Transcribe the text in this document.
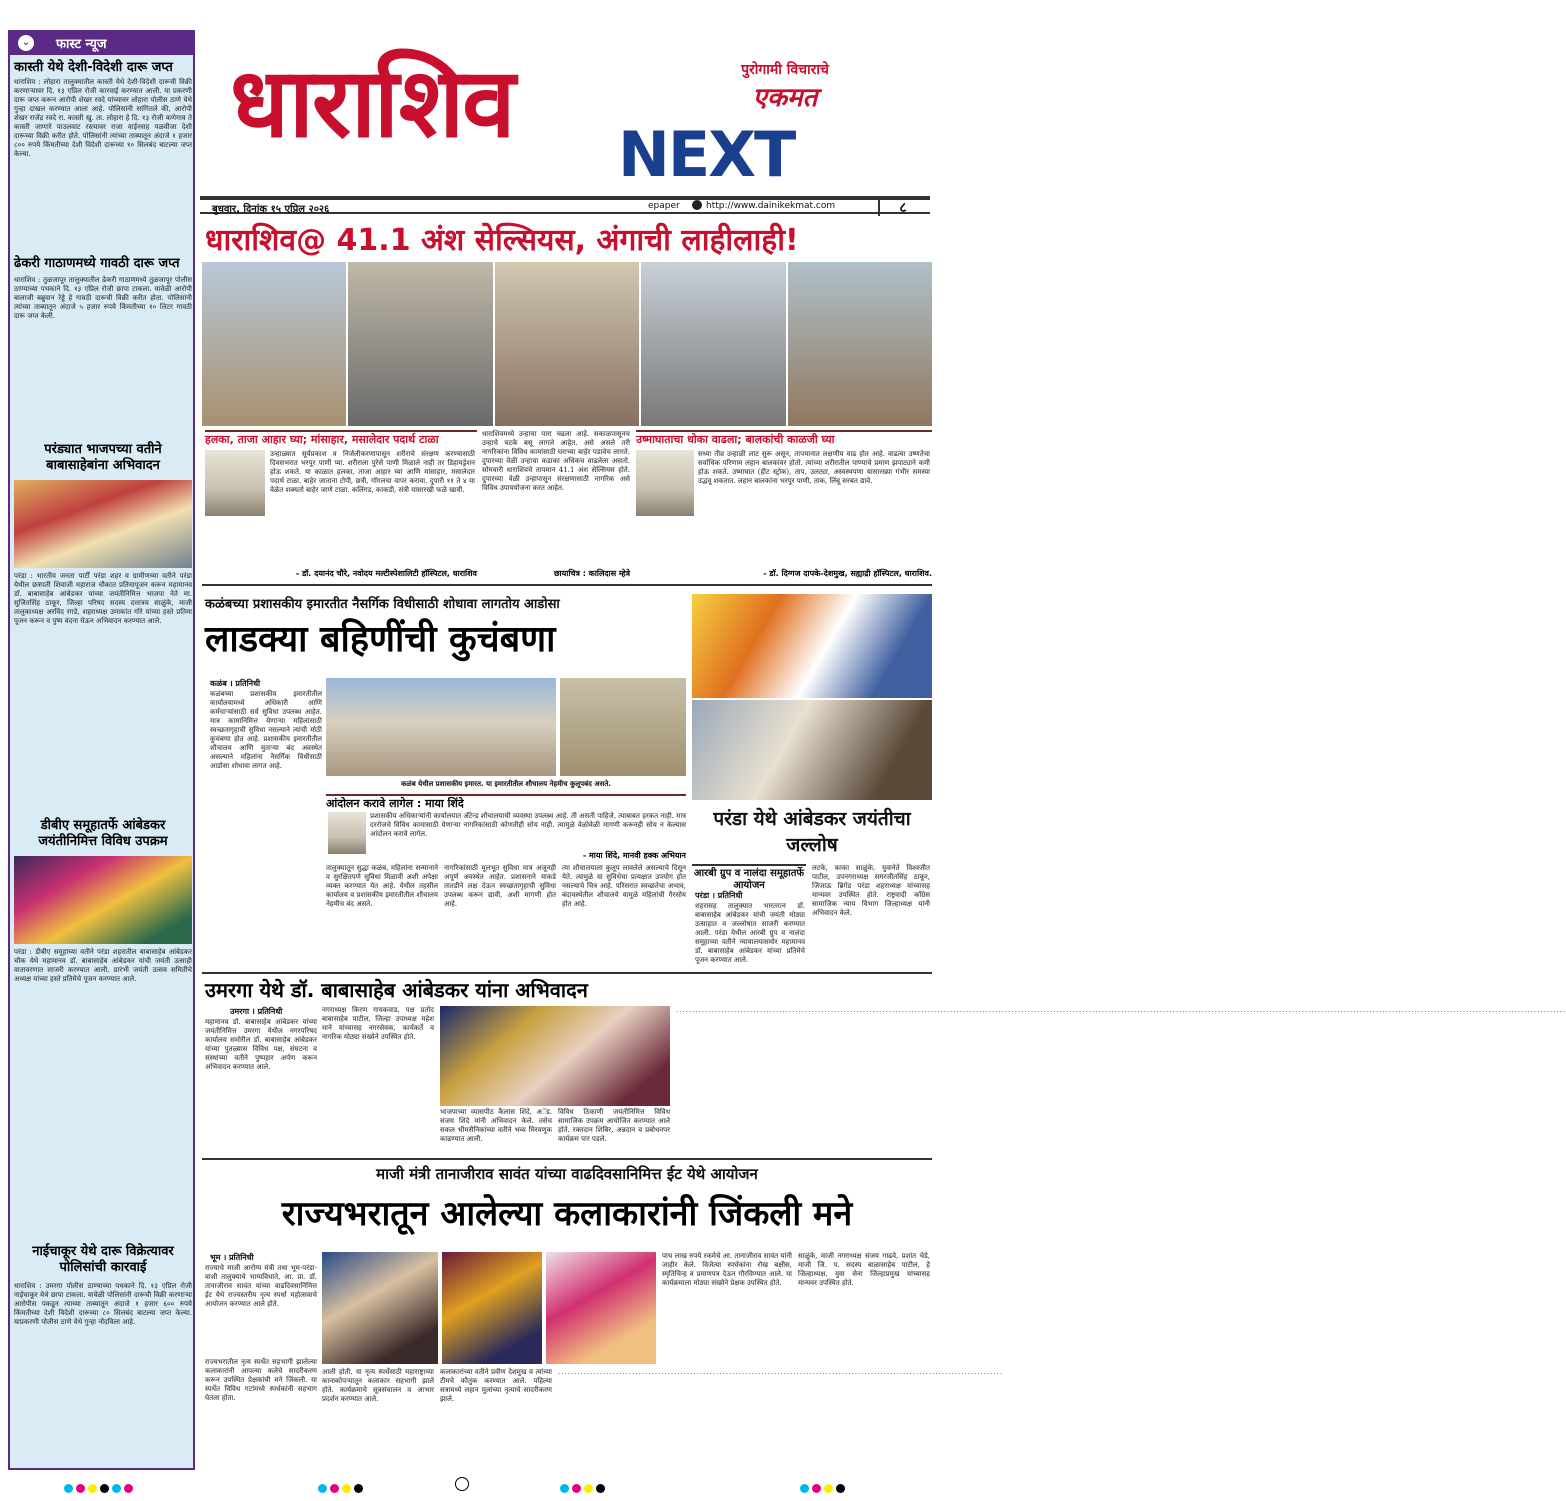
⌄ फास्ट न्यूज
कास्ती येथे देशी-विदेशी दारू जप्त
धाराशिव : लोहारा तालुक्यातील कास्ती येथे देशी-विदेशी दारूची विक्री करणाऱ्यावर दि. १३ एप्रिल रोजी कारवाई करण्यात आली. या प्रकरणी दारू जप्त करून आरोपी शेखर रवदे यांच्यावर लोहारा पोलीस ठाणे येथे गुन्हा दाखल करण्यात आला आहे. पोलिसांनी सांगितले की, आरोपी शेखर राजेंद्र रवदे रा. कास्ती खु. ता. लोहारा हे दि. १३ रोजी कणेगाव ते कास्ती जाणारे पाउलवाट रस्त्यावर राजा वाईनसह पळवीजा देशी दारूच्या विक्री करीत होते. पोलिसांनी त्यांच्या ताब्यातून अंदाजे १ हजार ८०० रुपये किंमतीच्या देशी विदेशी दारूच्या १० सिलबंद बाटल्या जप्त केल्या.
ढेकरी गाठाणमध्ये गावठी दारू जप्त
धाराशिव : तुळजापूर तालुक्यातील ढेकरी गाठाणमध्ये तुळजापूर पोलीस ठाण्याच्या पथकाने दि. १३ एप्रिल रोजी छापा टाकला. यावेळी आरोपी बालाजी बब्रुवान रेड्डे हे गावठी दारूची विक्री करीत होता. पोलिसांनी त्यांच्या ताब्यातून अंदाजे ५ हजार रुपये किंमतीच्या १० लिटर गावठी दारू जप्त केली.
परंड्यात भाजपच्या वतीने बाबासाहेबांना अभिवादन
परंडा : भारतीय जनता पार्टी परंडा शहर व ग्रामीणच्या वतीने परंडा येथील छत्रपती शिवाजी महाराज चौकात प्रतिमापूजन करून महामानव डॉ. बाबासाहेब आंबेडकर यांच्या जयंतीनिमित्त भाजपा नेते मा. सुजितसिंह ठाकूर, जिल्हा परिषद सदस्य दत्तात्रय साळुंके, माजी तालुकाध्यक्ष अरविंद रगडे, शहराध्यक्ष उमाकांत गोरे यांच्या हस्ते प्रतिमा पूजन करून व पुष्प वंदना घेऊन अभिवादन करण्यात आले.
डीबीए समूहातर्फे आंबेडकर जयंतीनिमित्त विविध उपक्रम
परंडा : डीबीए समूहाच्या वतीने परंडा शहरातील बाबासाहेब आंबेडकर चौक येथे महामानव डॉ. बाबासाहेब आंबेडकर यांची जयंती उत्साही वातावरणात साजरी करण्यात आली. प्रारंभी जयंती उत्सव समितीचे अध्यक्ष यांच्या हस्ते प्रतिमेचे पूजन करण्यात आले.
नाईचाकूर येथे दारू विक्रेत्यावर पोलिसांची कारवाई
धाराशिव : उमरगा पोलीस ठाण्याच्या पथकाने दि. १३ एप्रिल रोजी नाईचाकूर येथे छापा टाकला. यावेळी पोलिसांनी दारूची विक्री करणाऱ्या आरोपीस पकडून त्याच्या ताब्यातून अंदाजे १ हजार ६०० रुपये किंमतीच्या देशी विदेशी दारूच्या ८० सिलबंद बाटल्या जप्त केल्या. याप्रकरणी पोलीस ठाणे येथे गुन्हा नोंदविला आहे.
धाराशिव	पुरोगामी विचाराचे
एकमत
NEXT
बुधवार, दिनांक १५ एप्रिल २०२६	epaper	http://www.dainikekmat.com	८
धाराशिव@ 41.1 अंश सेल्सियस, अंगाची लाहीलाही!
हलका, ताजा आहार घ्या; मांसाहार, मसालेदार पदार्थ टाळा
उन्हाळ्यात सूर्यप्रकाश व निर्जलीकरणापासून शरीराचे संरक्षण करण्यासाठी दिवसभरात भरपूर पाणी प्या. शरीराला पुरेसे पाणी मिळाले नाही तर डिहायड्रेशन होऊ शकते. या काळात हलका, ताजा आहार घ्या आणि मांसाहार, मसालेदार पदार्थ टाळा. बाहेर जाताना टोपी, छत्री, गॉगलचा वापर करावा. दुपारी ११ ते ४ या वेळेत शक्यतो बाहेर जाणे टाळा. कलिंगड, काकडी, संत्री यासारखी फळे खावी.
- डॉ. दयानंद चौरे, नवोदय मल्टीस्पेशालिटी हॉस्पिटल, धाराशिव
धाराशिवमध्ये उन्हाचा पारा चढला आहे. सकाळपासूनच उन्हाचे चटके बसू लागले आहेत. असे असले तरी नागरिकांना विविध कामांसाठी घराच्या बाहेर पडावेच लागते. दुपारच्या वेळी उन्हाचा कडाका अधिकच वाढलेला असतो. सोमवारी धाराशिवचे तापमान 41.1 अंश सेल्सियस होते. दुपारच्या वेळी उन्हापासून संरक्षणासाठी नागरिक असे विविध उपाययोजना करत आहेत.
छायाचित्र : कालिदास म्हेत्रे
उष्माघाताचा धोका वाढला; बालकांची काळजी घ्या
सध्या तीव्र उन्हाळी लाट सुरू असून, तापमानात लक्षणीय वाढ होत आहे. वाढत्या उष्णतेचा सर्वाधिक परिणाम लहान बालकांवर होतो. त्यांच्या शरीरातील पाण्याचे प्रमाण झपाट्याने कमी होऊ शकते. उष्माघात (हीट स्ट्रोक), ताप, उलट्या, अस्वस्थपणा यासारख्या गंभीर समस्या उद्भवू शकतात. लहान बालकांना भरपूर पाणी, ताक, लिंबू सरबत द्यावे.
- डॉ. दिग्गज दापके-देशमुख, सह्याद्री हॉस्पिटल, धाराशिव.
कळंबच्या प्रशासकीय इमारतीत नैसर्गिक विधीसाठी शोधावा लागतोय आडोसा
लाडक्या बहिणींची कुचंबणा
कळंब । प्रतिनिधी
कळंबच्या प्रशासकीय इमारतीतील कार्यालयामध्ये अधिकारी आणि कर्मचाऱ्यांसाठी सर्व सुविधा उपलब्ध आहेत. मात्र कामानिमित्त येणाऱ्या महिलांसाठी स्वच्छतागृहाची सुविधा नसल्याने त्यांची मोठी कुचंबणा होत आहे. प्रशासकीय इमारतीतील शौचालय आणि मुताऱ्या बंद अवस्थेत असल्याने महिलांना नैसर्गिक विधीसाठी आडोसा शोधावा लागत आहे.
कळंब येथील प्रशासकीय इमारत. या इमारतीतील शौचालय नेहमीच कुलूपबंद असते.
आंदोलन करावे लागेल : माया शिंदे
प्रशासकीय अधिकाऱ्यांनी कार्यालयात अँटेन्ड शौचालयाची व्यवस्था उपलब्ध आहे. ती असती पाहिजे, त्याबाबत हरकत नाही. मात्र दररोजचे विविध कामासाठी येणाऱ्या नागरिकांसाठी कोणतीही सोय नाही. त्यामुळे वेळोवेळी मागणी करूनही सोय न केल्यास आंदोलन करावे लागेल.
- माया शिंदे, मानवी हक्क अभियान
तालुक्यातून सुद्धा कळंब, महिलांना सन्मानाने व सुरक्षितपणे सुविधा मिळावी अशी अपेक्षा व्यक्त करण्यात येत आहे. येथील तहसील कार्यालय व प्रशासकीय इमारतीतील शौचालय नेहमीच बंद असते.
नागरिकांसाठी मूलभूत सुविधा मात्र अजूनही अपूर्ण अवस्थेत आहेत. प्रशासनाने याकडे तातडीने लक्ष देऊन स्वच्छतागृहाची सुविधा उपलब्ध करून द्यावी, अशी मागणी होत आहे.
त्या शौचालयाला कुलूप लावलेले असल्याचे दिसून येते. त्यामुळे या सुविधेचा प्रत्यक्षात उपयोग होत नसल्याचे चित्र आहे. परिसरात स्वच्छतेचा अभाव, बंदावस्थेतील शौचालये यामुळे महिलांची गैरसोय होत आहे.
परंडा येथे आंबेडकर जयंतीचा जल्लोष
आरबी ग्रुप व नालंदा समूहातर्फे आयोजन
परंडा । प्रतिनिधी
शहरासह तालुक्यात भारतरत्न डॉ. बाबासाहेब आंबेडकर यांची जयंती मोठ्या उत्साहात व जल्लोषात साजरी करण्यात आली. परंडा येथील आरबी ग्रुप व नालंदा समूहाच्या वतीने न्यायालयासमोर महामानव डॉ. बाबासाहेब आंबेडकर यांच्या प्रतिमेचे पूजन करण्यात आले.
लटके, काका साळुंके, युवानेते विश्वजीत पाटील, उपनगराध्यक्ष समरजीतसिंह ठाकूर, जिजाऊ ब्रिगेड परंडा शहराध्यक्ष यांच्यासह मान्यवर उपस्थित होते. राष्ट्रवादी काँग्रेस सामाजिक न्याय विभाग जिल्हाध्यक्ष यांनी अभिवादन केले.
उमरगा येथे डॉ. बाबासाहेब आंबेडकर यांना अभिवादन
उमरगा । प्रतिनिधी
महामानव डॉ. बाबासाहेब आंबेडकर यांच्या जयंतीनिमित्त उमरगा येथील नगरपरिषद कार्यालय समोरील डॉ. बाबासाहेब आंबेडकर यांच्या पुतळ्यास विविध पक्ष, संघटना व संस्थांच्या वतीने पुष्पहार अर्पण करून अभिवादन करण्यात आले.
नगराध्यक्ष किरण गायकवाड, पक्ष प्रतोद बाबासाहेब पाटील, जिल्हा उपाध्यक्ष महेश माने यांच्यासह नगरसेवक, कार्यकर्ते व नागरिक मोठ्या संख्येने उपस्थित होते.
भाजपाच्या व्यासपीठ कैलास शिंदे, अॅड. संजय शिंदे यांनी अभिवादन केले. तसेच सकल भीमसैनिकांच्या वतीने भव्य मिरवणूक काढण्यात आली.
विविध ठिकाणी जयंतीनिमित्त विविध सामाजिक उपक्रम आयोजित करण्यात आले होते. रक्तदान शिबिर, अन्नदान व प्रबोधनपर कार्यक्रम पार पडले.
....................................................................................................................................................................................................................................................................................
माजी मंत्री तानाजीराव सावंत यांच्या वाढदिवसानिमित्त ईट येथे आयोजन
राज्यभरातून आलेल्या कलाकारांनी जिंकली मने
भूम । प्रतिनिधी
राज्याचे माजी आरोग्य मंत्री तथा भूम-परंडा-वाशी तालुक्याचे भाग्यविधाते, आ. प्रा. डॉ. तानाजीराव सावंत यांच्या वाढदिवसानिमित्त ईट येथे राज्यस्तरीय नृत्य स्पर्धा महोत्सवाचे आयोजन करण्यात आले होते.
राज्यभरातील नृत्य स्पर्धेत सहभागी झालेल्या कलाकारांनी आपल्या कलेचे सादरीकरण करून उपस्थित प्रेक्षकांची मने जिंकली. या स्पर्धेत विविध गटांमध्ये स्पर्धकांनी सहभाग घेतला होता.
आली होती. या नृत्य स्पर्धेसाठी महाराष्ट्राच्या कानाकोपऱ्यातून कलाकार सहभागी झाले होते. कार्यक्रमाचे सूत्रसंचालन व आभार प्रदर्शन करण्यात आले.
कलाकारांच्या वतीने प्रवीण देशमुख व त्यांच्या टीमचे कौतुक करण्यात आले. पहिल्या सत्रामध्ये लहान मुलांच्या नृत्याचे सादरीकरण झाले.
..........................................................................................................................................
पाच लाख रुपये रकमेचे आ. तानाजीराव सावंत यांनी जाहीर केले. विजेत्या स्पर्धकांना रोख बक्षीस, स्मृतिचिन्ह व प्रमाणपत्र देऊन गौरविण्यात आले. या कार्यक्रमाला मोठ्या संख्येने प्रेक्षक उपस्थित होते.
साळुंके, माजी नगराध्यक्ष संजय गाढवे, प्रशांत चेडे, माजी जि. प. सदस्य बाळासाहेब पाटील, हे जिल्हाध्यक्ष, युवा सेना जिल्हाप्रमुख यांच्यासह मान्यवर उपस्थित होते.
